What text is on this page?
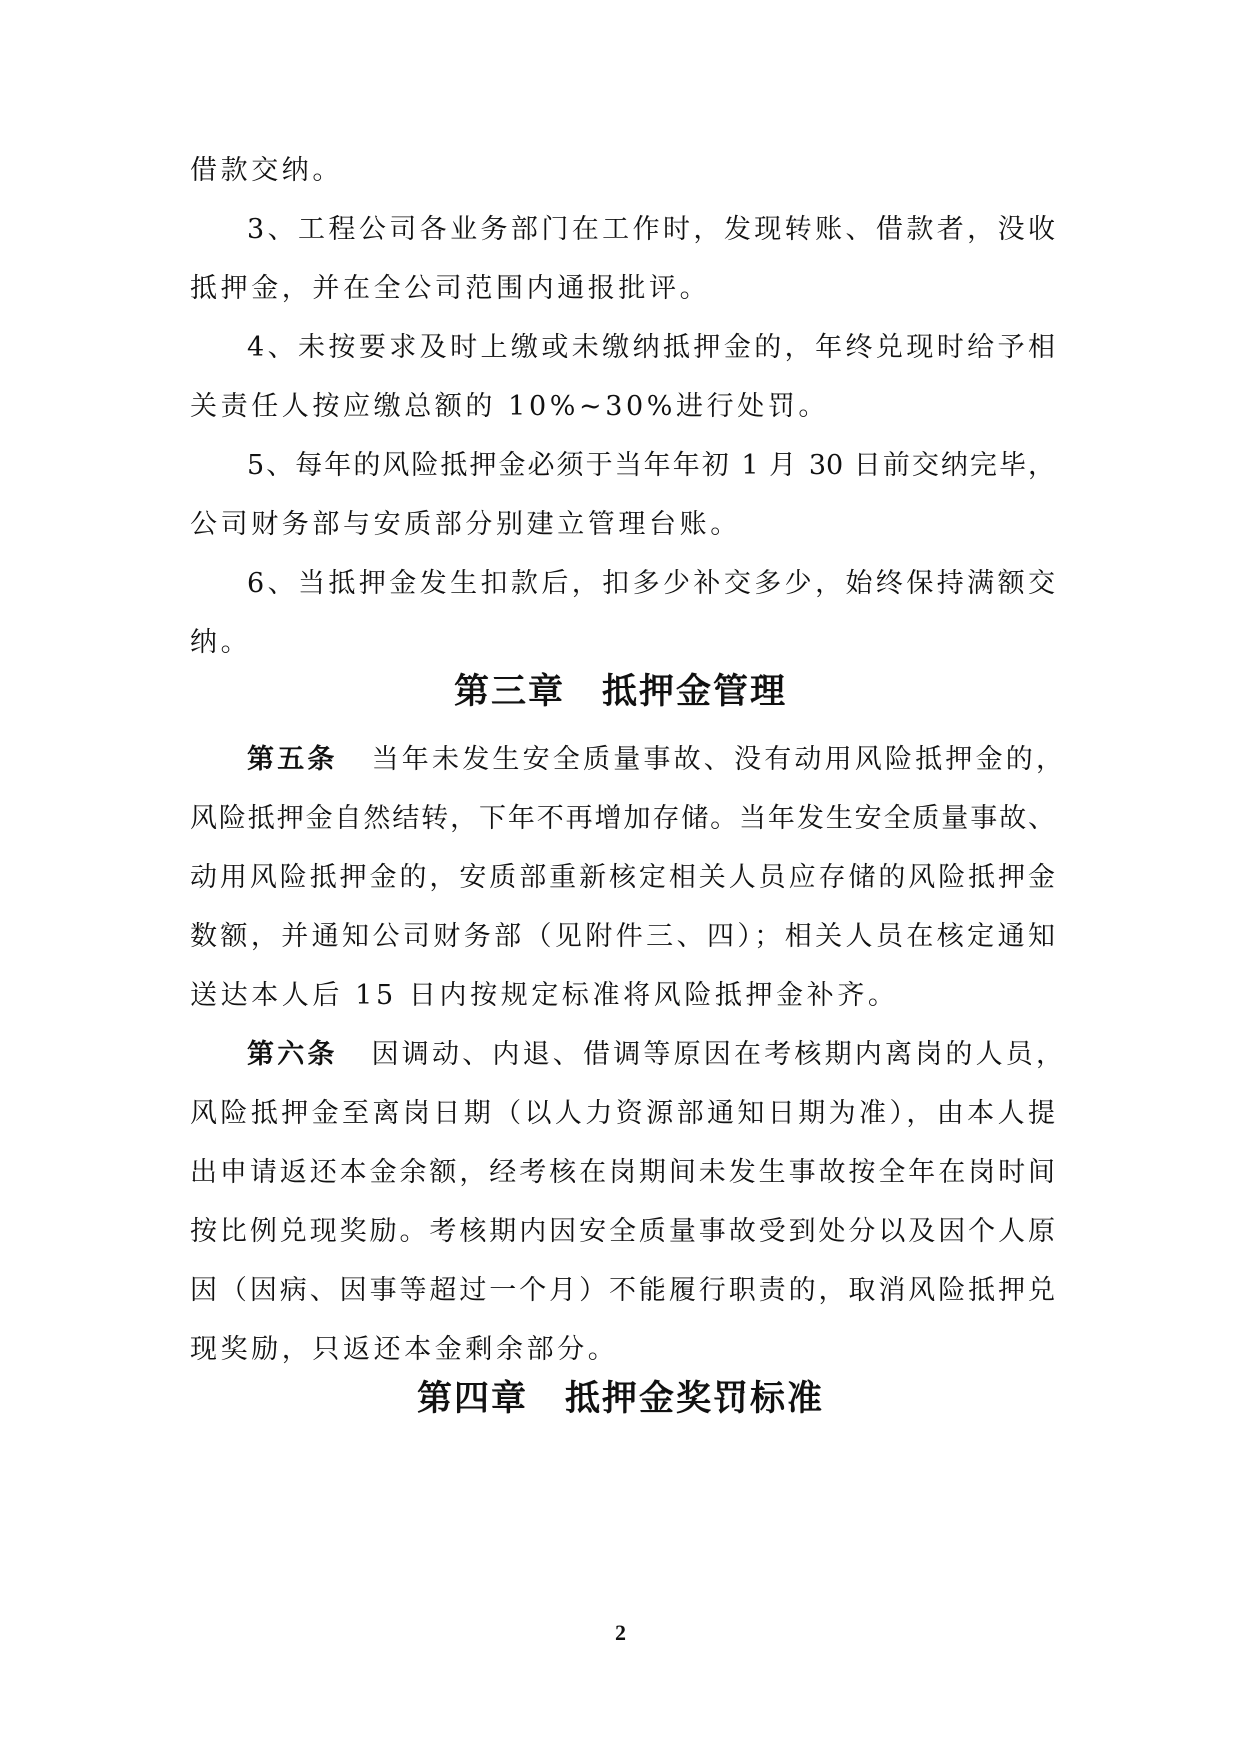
借款交纳。
3、工程公司各业务部门在工作时，发现转账、借款者，没收
抵押金，并在全公司范围内通报批评。
4、未按要求及时上缴或未缴纳抵押金的，年终兑现时给予相
关责任人按应缴总额的 10%~30%进行处罚。
5、每年的风险抵押金必须于当年年初 1 月 30 日前交纳完毕，
公司财务部与安质部分别建立管理台账。
6、当抵押金发生扣款后，扣多少补交多少，始终保持满额交
纳。
第三章　抵押金管理
第五条 当年未发生安全质量事故、没有动用风险抵押金的，
风险抵押金自然结转，下年不再增加存储。当年发生安全质量事故、
动用风险抵押金的，安质部重新核定相关人员应存储的风险抵押金
数额，并通知公司财务部（见附件三、四）；相关人员在核定通知
送达本人后 15 日内按规定标准将风险抵押金补齐。
第六条 因调动、内退、借调等原因在考核期内离岗的人员，
风险抵押金至离岗日期（以人力资源部通知日期为准），由本人提
出申请返还本金余额，经考核在岗期间未发生事故按全年在岗时间
按比例兑现奖励。考核期内因安全质量事故受到处分以及因个人原
因（因病、因事等超过一个月）不能履行职责的，取消风险抵押兑
现奖励，只返还本金剩余部分。
第四章　抵押金奖罚标准
2
